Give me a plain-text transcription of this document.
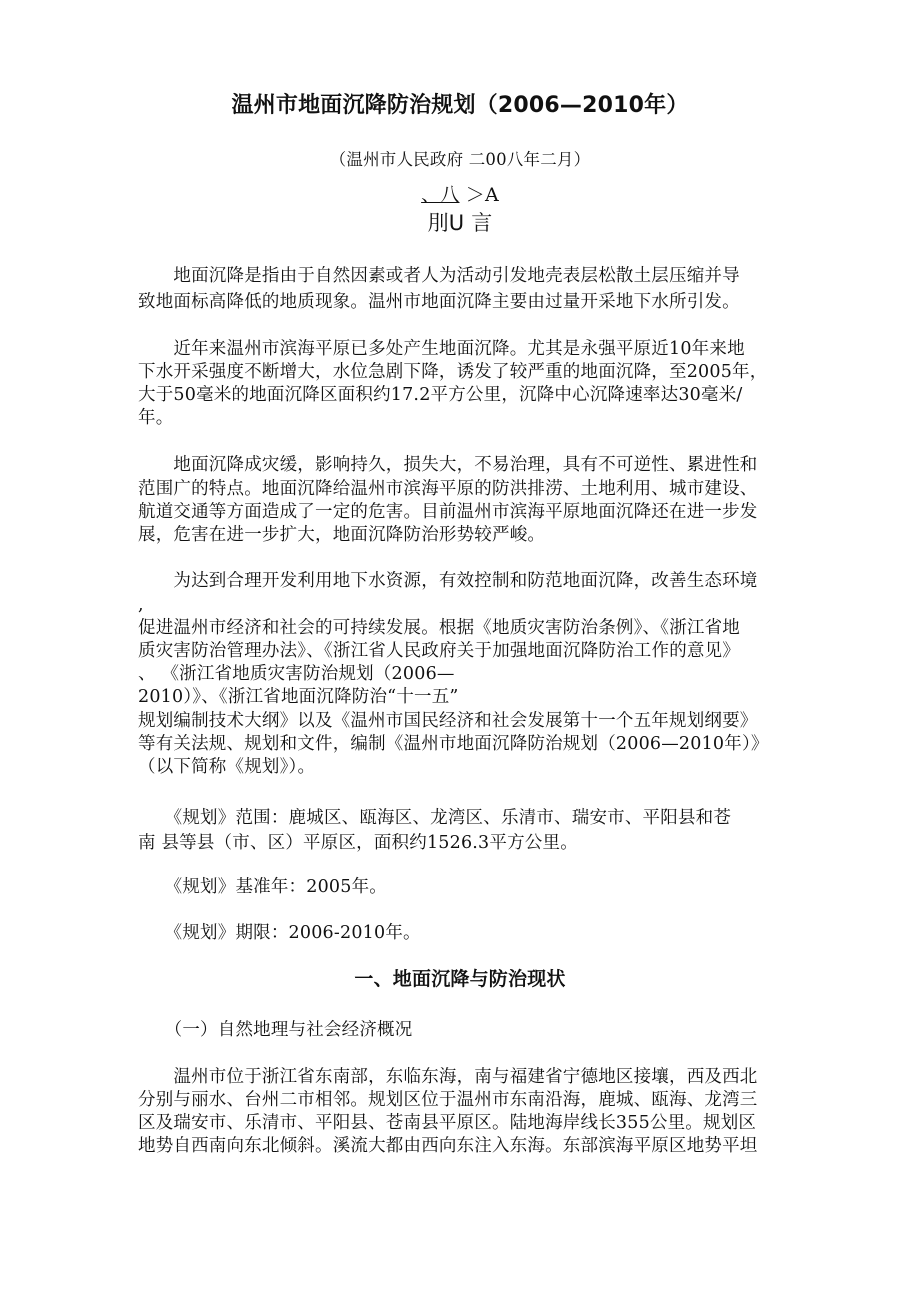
温州市地面沉降防治规划（2006—2010年）
（温州市人民政府 二00八年二月）
、八 ＞A
刖U 言
　　地面沉降是指由于自然因素或者人为活动引发地壳表层松散土层压缩并导
致地面标高降低的地质现象。温州市地面沉降主要由过量开采地下水所引发。
　　近年来温州市滨海平原已多处产生地面沉降。尤其是永强平原近10年来地
下水开采强度不断增大，水位急剧下降，诱发了较严重的地面沉降，至2005年，
大于50毫米的地面沉降区面积约17.2平方公里，沉降中心沉降速率达30毫米/
年。
　　地面沉降成灾缓，影响持久，损失大，不易治理，具有不可逆性、累进性和
范围广的特点。地面沉降给温州市滨海平原的防洪排涝、土地利用、城市建设、
航道交通等方面造成了一定的危害。目前温州市滨海平原地面沉降还在进一步发
展，危害在进一步扩大，地面沉降防治形势较严峻。
　　为达到合理开发利用地下水资源，有效控制和防范地面沉降，改善生态环境
,
促进温州市经济和社会的可持续发展。根据《地质灾害防治条例》、《浙江省地
质灾害防治管理办法》、《浙江省人民政府关于加强地面沉降防治工作的意见》
、 《浙江省地质灾害防治规划（2006—
2010）》、《浙江省地面沉降防治“十一五”
规划编制技术大纲》以及《温州市国民经济和社会发展第十一个五年规划纲要》
等有关法规、规划和文件，编制《温州市地面沉降防治规划（2006—2010年）》
（以下简称《规划》）。
　　《规划》范围：鹿城区、瓯海区、龙湾区、乐清市、瑞安市、平阳县和苍
南 县等县（市、区）平原区，面积约1526.3平方公里。
　　《规划》基准年：2005年。
　　《规划》期限：2006-2010年。
一、地面沉降与防治现状
　　（一）自然地理与社会经济概况
　　温州市位于浙江省东南部，东临东海，南与福建省宁德地区接壤，西及西北
分别与丽水、台州二市相邻。规划区位于温州市东南沿海，鹿城、瓯海、龙湾三
区及瑞安市、乐清市、平阳县、苍南县平原区。陆地海岸线长355公里。规划区
地势自西南向东北倾斜。溪流大都由西向东注入东海。东部滨海平原区地势平坦
